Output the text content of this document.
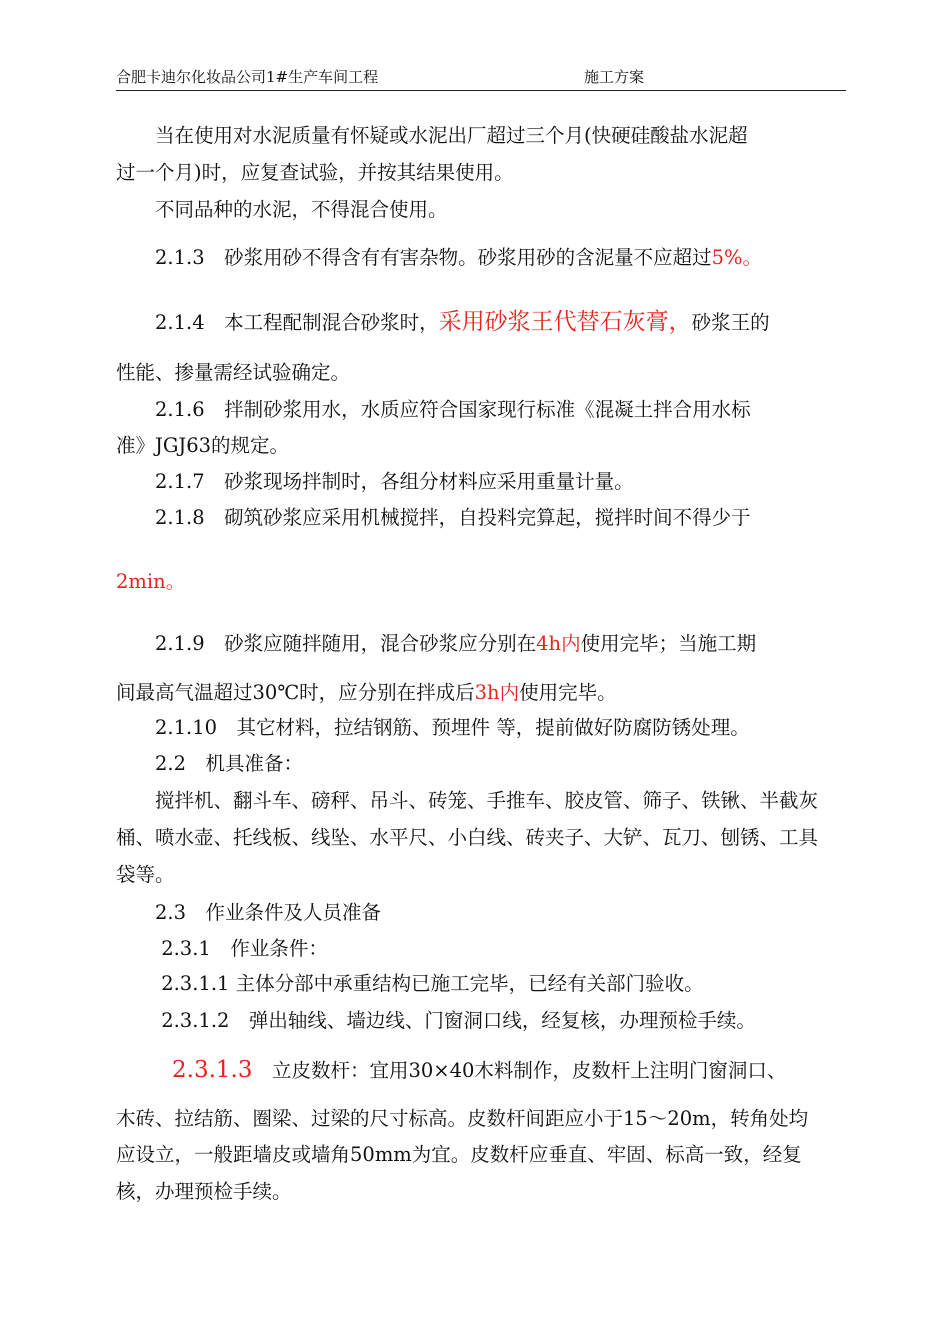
合肥卡迪尔化妆品公司1#生产车间工程	施工方案

　　当在使用对水泥质量有怀疑或水泥出厂超过三个月(快硬硅酸盐水泥超

过一个月)时，应复查试验，并按其结果使用。

　　不同品种的水泥，不得混合使用。

　　2.1.3　砂浆用砂不得含有有害杂物。砂浆用砂的含泥量不应超过5%。

　　2.1.4　本工程配制混合砂浆时，采用砂浆王代替石灰膏，砂浆王的

性能、掺量需经试验确定。

　　2.1.6　拌制砂浆用水，水质应符合国家现行标准《混凝土拌合用水标

准》JGJ63的规定。

　　2.1.7　砂浆现场拌制时，各组分材料应采用重量计量。

　　2.1.8　砌筑砂浆应采用机械搅拌，自投料完算起，搅拌时间不得少于

2min。

　　2.1.9　砂浆应随拌随用，混合砂浆应分别在4h内使用完毕；当施工期

间最高气温超过30℃时，应分别在拌成后3h内使用完毕。

　　2.1.10　其它材料，拉结钢筋、预埋件 等，提前做好防腐防锈处理。

　　2.2　机具准备：

　　搅拌机、翻斗车、磅秤、吊斗、砖笼、手推车、胶皮管、筛子、铁锹、半截灰

桶、喷水壶、托线板、线坠、水平尺、小白线、砖夹子、大铲、瓦刀、刨锈、工具

袋等。

　　2.3　作业条件及人员准备

　　 2.3.1　作业条件：

　　 2.3.1.1 主体分部中承重结构已施工完毕，已经有关部门验收。

　　 2.3.1.2　弹出轴线、墙边线、门窗洞口线，经复核，办理预检手续。

2.3.1.3　立皮数杆：宜用30×40木料制作，皮数杆上注明门窗洞口、

木砖、拉结筋、圈梁、过梁的尺寸标高。皮数杆间距应小于15～20m，转角处均

应设立，一般距墙皮或墙角50mm为宜。皮数杆应垂直、牢固、标高一致，经复

核，办理预检手续。
